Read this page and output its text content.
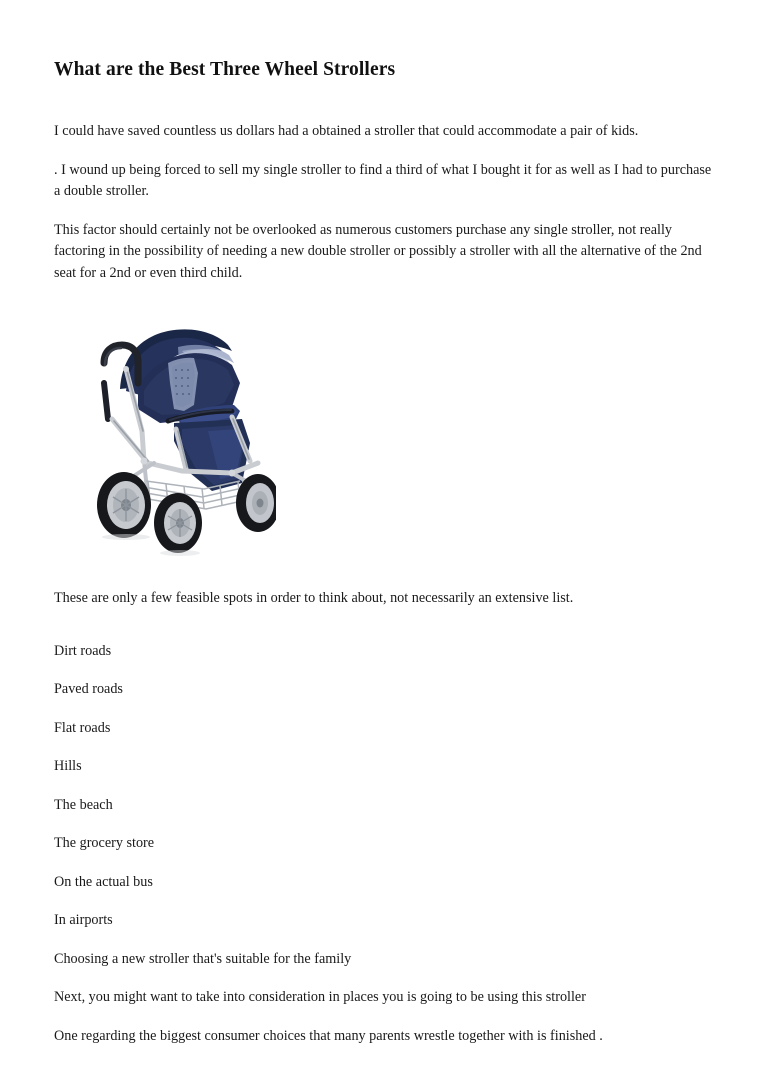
What are the Best Three Wheel Strollers

I could have saved countless us dollars had a obtained a stroller that could accommodate a pair of kids.

. I wound up being forced to sell my single stroller to find a third of what I bought it for as well as I had to purchase a double stroller.

This factor should certainly not be overlooked as numerous customers purchase any single stroller, not really factoring in the possibility of needing a new double stroller or possibly a stroller with all the alternative of the 2nd seat for a 2nd or even third child.

These are only a few feasible spots in order to think about, not necessarily an extensive list.

Dirt roads

Paved roads

Flat roads

Hills

The beach

The grocery store

On the actual bus

In airports

Choosing a new stroller that's suitable for the family

Next, you might want to take into consideration in places you is going to be using this stroller

One regarding the biggest consumer choices that many parents wrestle together with is finished .
